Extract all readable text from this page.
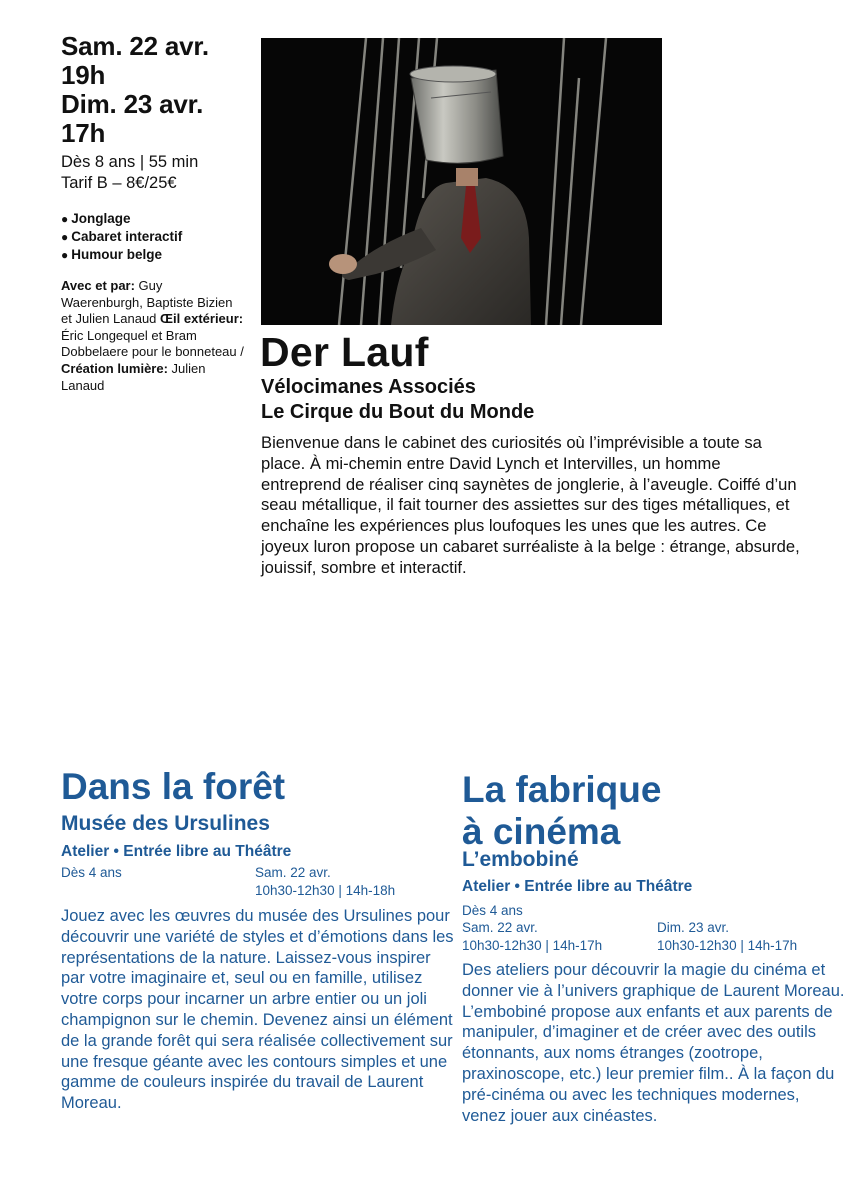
Sam. 22 avr.
19h
Dim. 23 avr.
17h
Dès 8 ans | 55 min
Tarif B – 8€/25€
● Jonglage
● Cabaret interactif
● Humour belge
Avec et par: Guy Waerenburgh, Baptiste Bizien et Julien Lanaud Œil extérieur: Éric Longequel et Bram Dobbelaere pour le bonneteau / Création lumière: Julien Lanaud
Der Lauf
Vélocimanes Associés
Le Cirque du Bout du Monde
Bienvenue dans le cabinet des curiosités où l’imprévisible a toute sa place. À mi-chemin entre David Lynch et Intervilles, un homme entreprend de réaliser cinq saynètes de jonglerie, à l’aveugle. Coiffé d’un seau métallique, il fait tourner des assiettes sur des tiges métalliques, et enchaîne les expériences plus loufoques les unes que les autres. Ce joyeux luron propose un cabaret surréaliste à la belge : étrange, absurde, jouissif, sombre et interactif.
Dans la forêt
Musée des Ursulines
Atelier • Entrée libre au Théâtre
Dès 4 ans	Sam. 22 avr.
10h30-12h30 | 14h-18h
Jouez avec les œuvres du musée des Ursulines pour découvrir une variété de styles et d’émotions dans les représentations de la nature. Laissez-vous inspirer par votre imaginaire et, seul ou en famille, utilisez votre corps pour incarner un arbre entier ou un joli champignon sur le chemin. Devenez ainsi un élément de la grande forêt qui sera réalisée collectivement sur une fresque géante avec les contours simples et une gamme de couleurs inspirée du travail de Laurent Moreau.
La fabrique
à cinéma
L’embobiné
Atelier • Entrée libre au Théâtre
Dès 4 ans
Sam. 22 avr.
10h30-12h30 | 14h-17h
Dim. 23 avr.
10h30-12h30 | 14h-17h
Des ateliers pour découvrir la magie du cinéma et donner vie à l’univers graphique de Laurent Moreau.
L’embobiné propose aux enfants et aux parents de manipuler, d’imaginer et de créer avec des outils étonnants, aux noms étranges (zootrope, praxinoscope, etc.) leur premier film.. À la façon du pré-cinéma ou avec les techniques modernes, venez jouer aux cinéastes.
